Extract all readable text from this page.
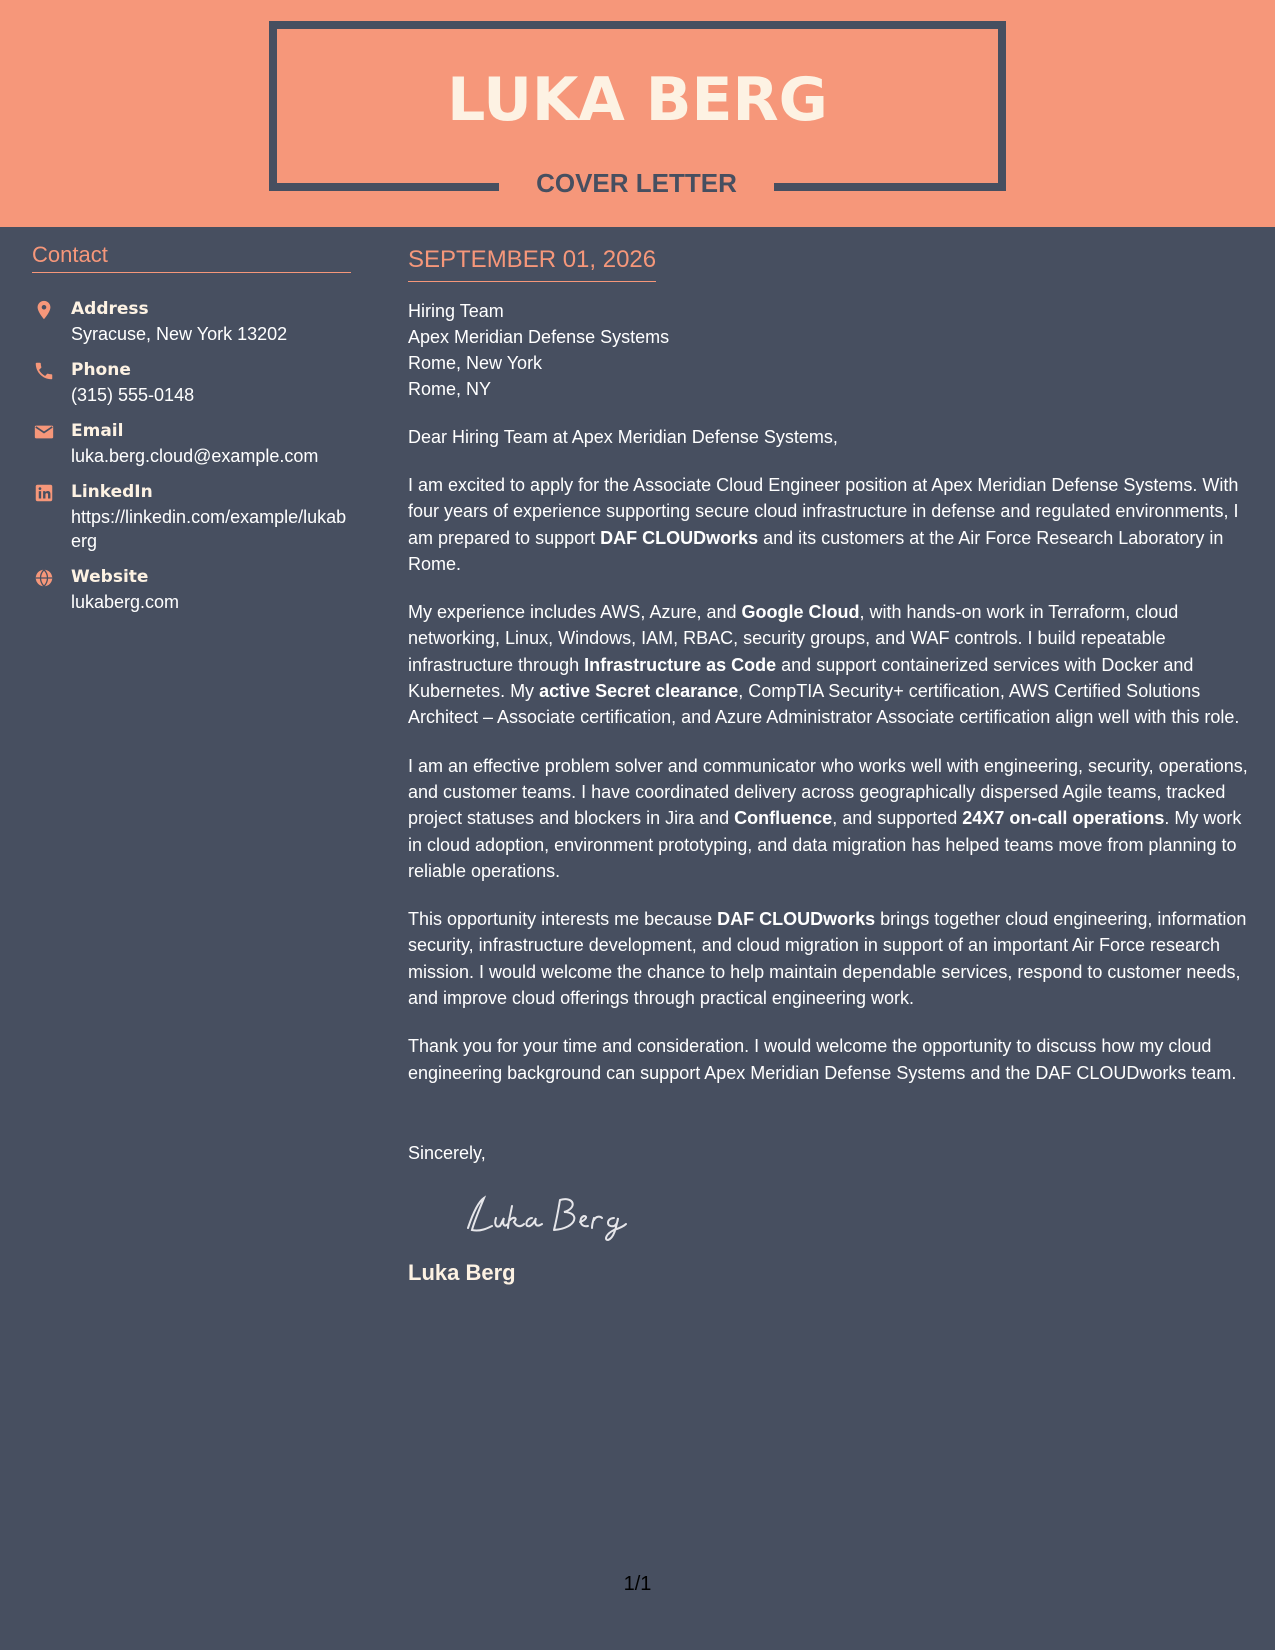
LUKA BERG
COVER LETTER
Contact
Address
Syracuse, New York 13202
Phone
(315) 555-0148
Email
luka.berg.cloud@example.com
LinkedIn
https://linkedin.com/example/lukaberg
Website
lukaberg.com
SEPTEMBER 01, 2026
Hiring Team
Apex Meridian Defense Systems
Rome, New York
Rome, NY
Dear Hiring Team at Apex Meridian Defense Systems,
I am excited to apply for the Associate Cloud Engineer position at Apex Meridian Defense Systems. With four years of experience supporting secure cloud infrastructure in defense and regulated environments, I am prepared to support DAF CLOUDworks and its customers at the Air Force Research Laboratory in Rome.
My experience includes AWS, Azure, and Google Cloud, with hands-on work in Terraform, cloud networking, Linux, Windows, IAM, RBAC, security groups, and WAF controls. I build repeatable infrastructure through Infrastructure as Code and support containerized services with Docker and Kubernetes. My active Secret clearance, CompTIA Security+ certification, AWS Certified Solutions Architect – Associate certification, and Azure Administrator Associate certification align well with this role.
I am an effective problem solver and communicator who works well with engineering, security, operations, and customer teams. I have coordinated delivery across geographically dispersed Agile teams, tracked project statuses and blockers in Jira and Confluence, and supported 24X7 on-call operations. My work in cloud adoption, environment prototyping, and data migration has helped teams move from planning to reliable operations.
This opportunity interests me because DAF CLOUDworks brings together cloud engineering, information security, infrastructure development, and cloud migration in support of an important Air Force research mission. I would welcome the chance to help maintain dependable services, respond to customer needs, and improve cloud offerings through practical engineering work.
Thank you for your time and consideration. I would welcome the opportunity to discuss how my cloud engineering background can support Apex Meridian Defense Systems and the DAF CLOUDworks team.
Sincerely,
Luka Berg
1/1
